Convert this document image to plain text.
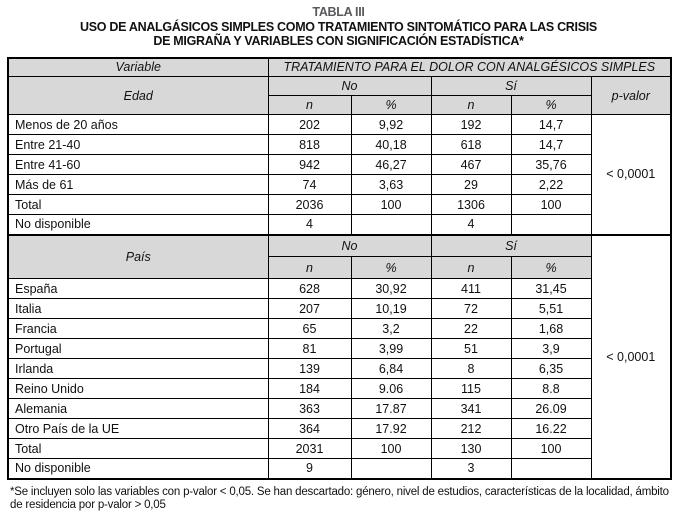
TABLA III
USO DE ANALGÁSICOS SIMPLES COMO TRATAMIENTO SINTOMÁTICO PARA LAS CRISIS
DE MIGRAÑA Y VARIABLES CON SIGNIFICACIÓN ESTADÍSTICA*
Variable	TRATAMIENTO PARA EL DOLOR CON ANALGÉSICOS SIMPLES				
Edad	No		Sí		p-valor
	n	%	n	%	
Menos de 20 años	202	9,92	192	14,7	< 0,0001
Entre 21-40	818	40,18	618	14,7	
Entre 41-60	942	46,27	467	35,76	
Más de 61	74	3,63	29	2,22	
Total	2036	100	1306	100	
No disponible	4		4		
País	No		Sí		< 0,0001
	n	%	n	%	
España	628	30,92	411	31,45	
Italia	207	10,19	72	5,51	
Francia	65	3,2	22	1,68	
Portugal	81	3,99	51	3,9	
Irlanda	139	6,84	8	6,35	
Reino Unido	184	9.06	115	8.8	
Alemania	363	17.87	341	26.09	
Otro País de la UE	364	17.92	212	16.22	
Total	2031	100	130	100	
No disponible	9		3		
*Se incluyen solo las variables con p-valor < 0,05. Se han descartado: género, nivel de estudios, características de la localidad, ámbito de residencia por p-valor > 0,05
